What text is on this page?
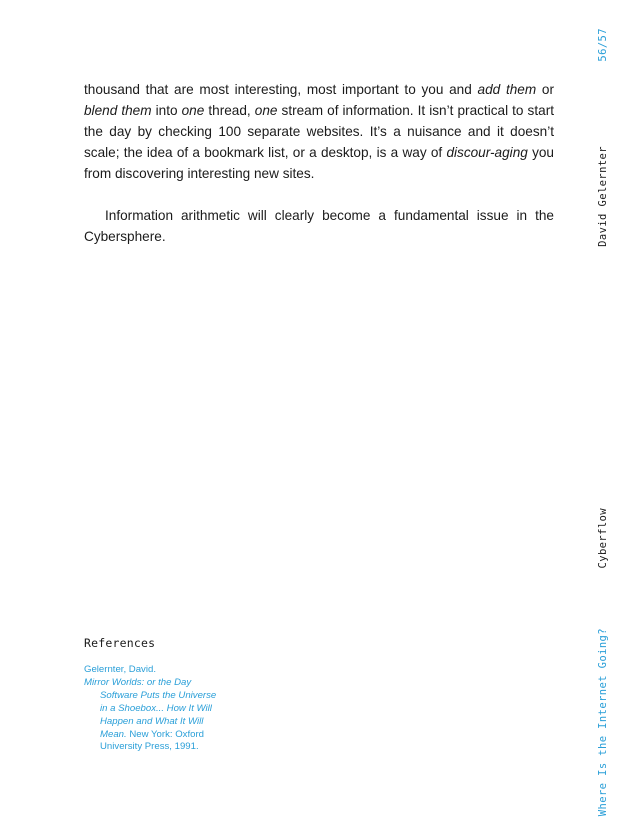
56/57
David Gelernter
Cyberflow
Where Is the Internet Going?

thousand that are most interesting, most important to you and add them or blend them into one thread, one stream of information. It isn’t practical to start the day by checking 100 separate websites. It’s a nuisance and it doesn’t scale; the idea of a bookmark list, or a desktop, is a way of discour-aging you from discovering interesting new sites.

Information arithmetic will clearly become a fundamental issue in the Cybersphere.

References
Gelernter, David.
Mirror Worlds: or the Day
Software Puts the Universe
in a Shoebox... How It Will
Happen and What It Will
Mean. New York: Oxford
University Press, 1991.
